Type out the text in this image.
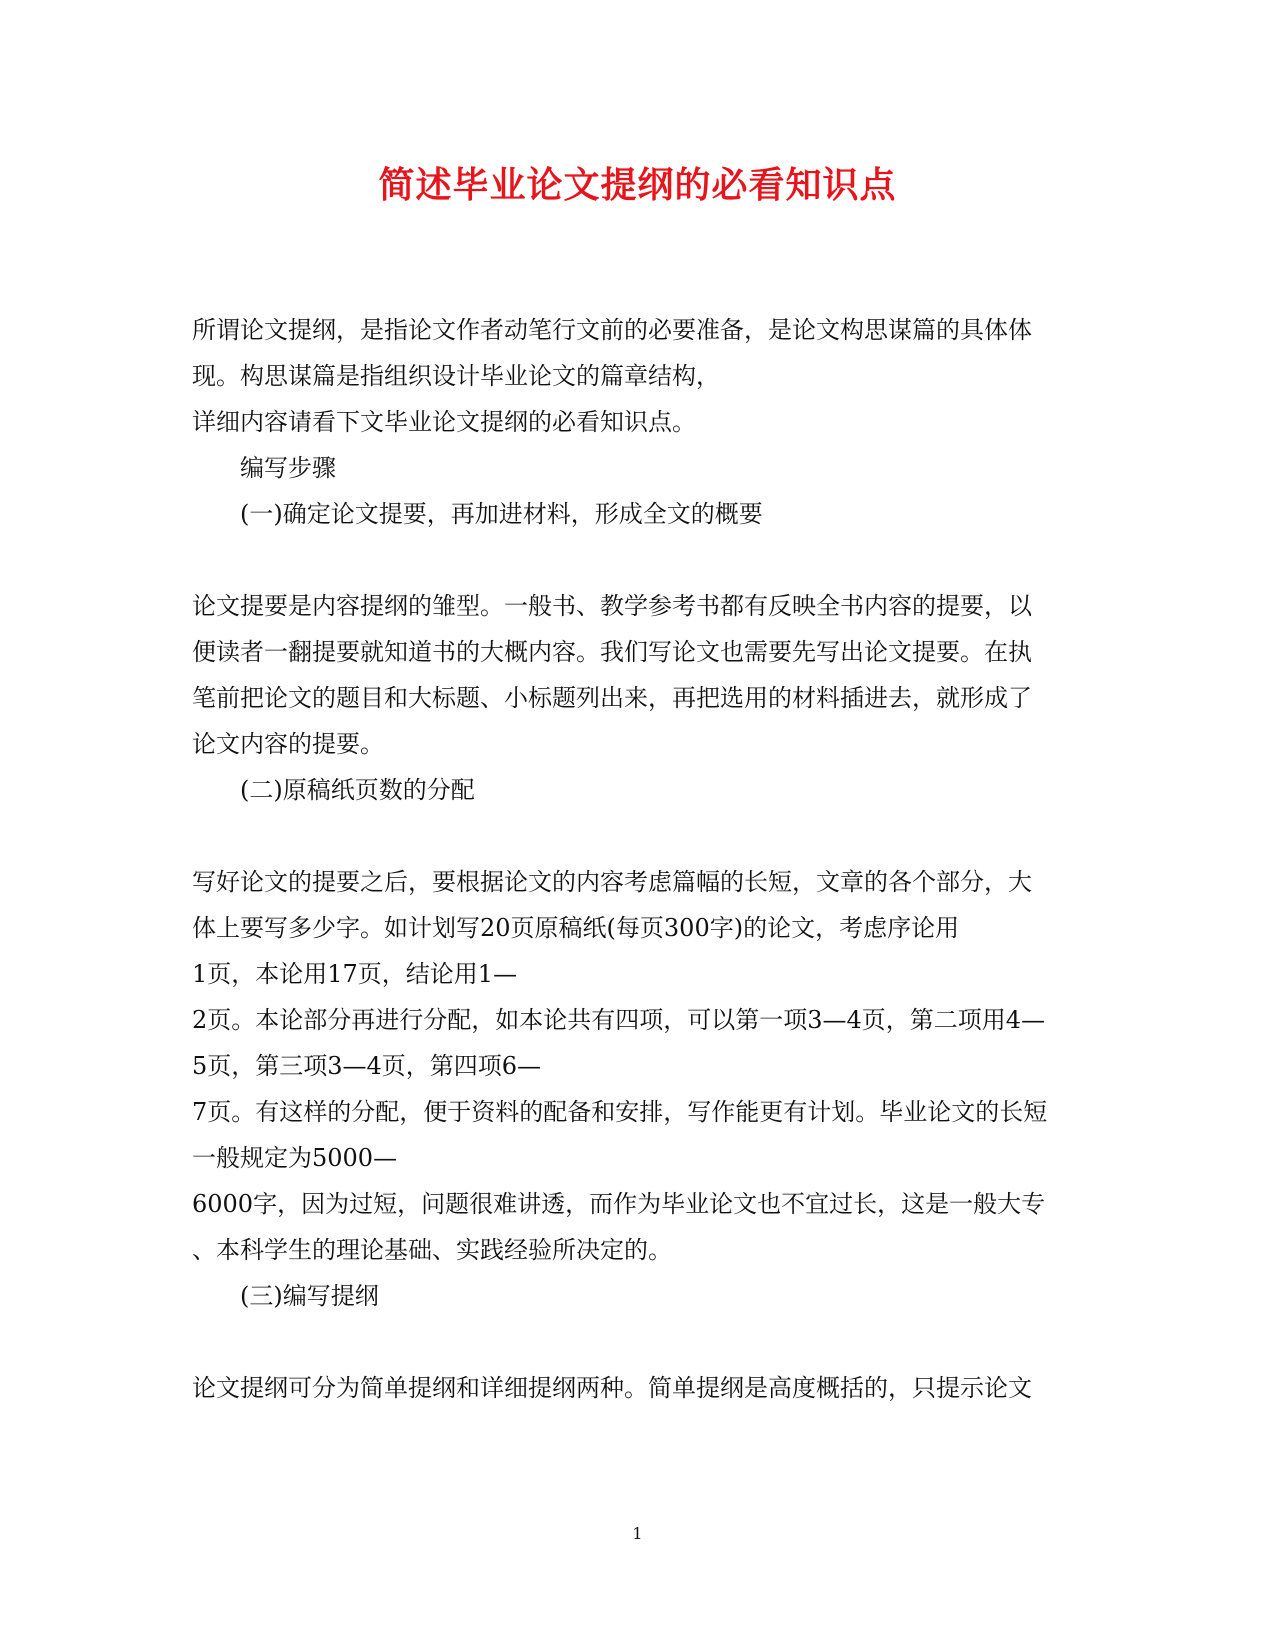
简述毕业论文提纲的必看知识点
所谓论文提纲，是指论文作者动笔行文前的必要准备，是论文构思谋篇的具体体
现。构思谋篇是指组织设计毕业论文的篇章结构，
详细内容请看下文毕业论文提纲的必看知识点。
编写步骤
(一)确定论文提要，再加进材料，形成全文的概要
论文提要是内容提纲的雏型。一般书、教学参考书都有反映全书内容的提要，以
便读者一翻提要就知道书的大概内容。我们写论文也需要先写出论文提要。在执
笔前把论文的题目和大标题、小标题列出来，再把选用的材料插进去，就形成了
论文内容的提要。
(二)原稿纸页数的分配
写好论文的提要之后，要根据论文的内容考虑篇幅的长短，文章的各个部分，大
体上要写多少字。如计划写20页原稿纸(每页300字)的论文，考虑序论用
1页，本论用17页，结论用1—
2页。本论部分再进行分配，如本论共有四项，可以第一项3—4页，第二项用4—
5页，第三项3—4页，第四项6—
7页。有这样的分配，便于资料的配备和安排，写作能更有计划。毕业论文的长短
一般规定为5000—
6000字，因为过短，问题很难讲透，而作为毕业论文也不宜过长，这是一般大专
、本科学生的理论基础、实践经验所决定的。
(三)编写提纲
论文提纲可分为简单提纲和详细提纲两种。简单提纲是高度概括的，只提示论文
1
